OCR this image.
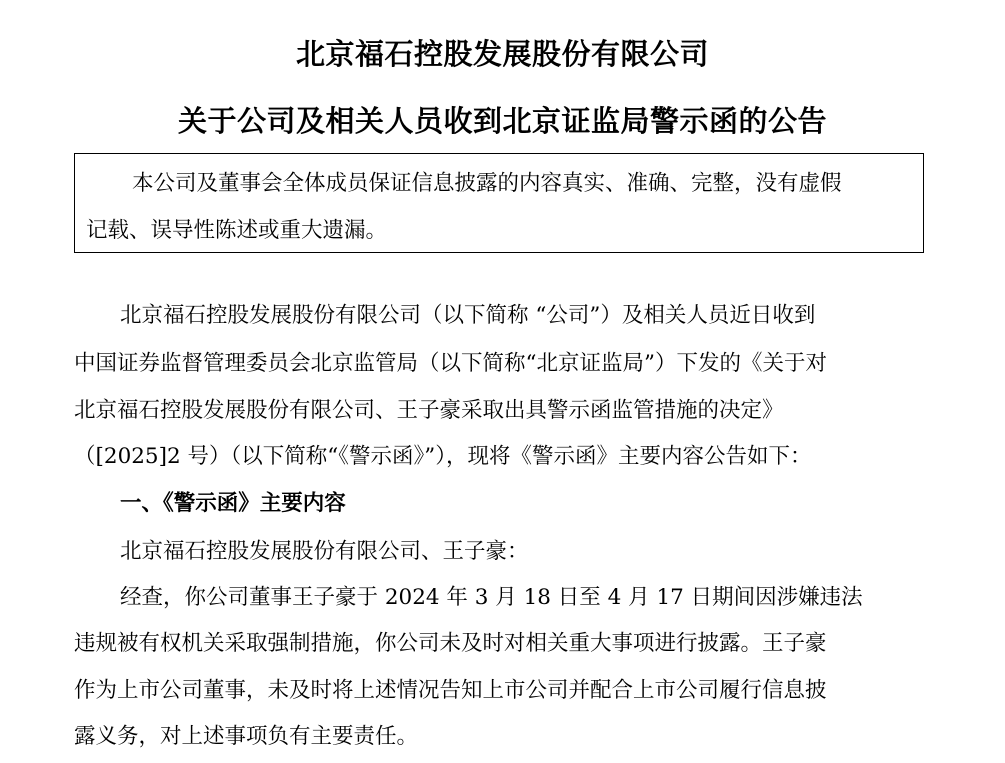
北京福石控股发展股份有限公司
关于公司及相关人员收到北京证监局警示函的公告
本公司及董事会全体成员保证信息披露的内容真实、准确、完整，没有虚假
记载、误导性陈述或重大遗漏。
北京福石控股发展股份有限公司（以下简称 “公司”）及相关人员近日收到
中国证券监督管理委员会北京监管局（以下简称“北京证监局”）下发的《关于对
北京福石控股发展股份有限公司、王子豪采取出具警示函监管措施的决定》
（[2025]2 号）（以下简称“《警示函》”），现将《警示函》主要内容公告如下：
一、《警示函》主要内容
北京福石控股发展股份有限公司、王子豪：
经查，你公司董事王子豪于 2024 年 3 月 18 日至 4 月 17 日期间因涉嫌违法
违规被有权机关采取强制措施，你公司未及时对相关重大事项进行披露。王子豪
作为上市公司董事，未及时将上述情况告知上市公司并配合上市公司履行信息披
露义务，对上述事项负有主要责任。
